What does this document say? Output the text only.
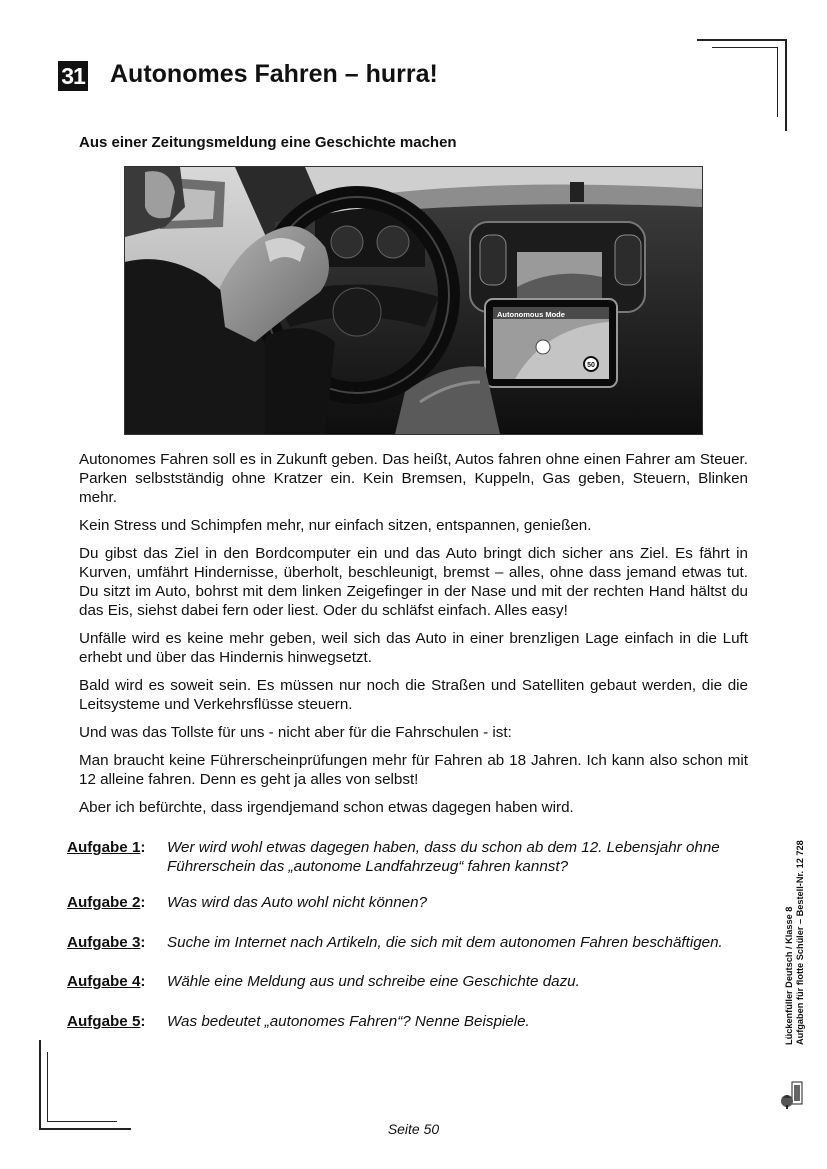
31 Autonomes Fahren – hurra!
Aus einer Zeitungsmeldung eine Geschichte machen
Autonomous Mode
50

Autonomes Fahren soll es in Zukunft geben. Das heißt, Autos fahren ohne einen Fahrer am Steuer. Parken selbstständig ohne Kratzer ein. Kein Bremsen, Kuppeln, Gas geben, Steuern, Blinken mehr.

Kein Stress und Schimpfen mehr, nur einfach sitzen, entspannen, genießen.

Du gibst das Ziel in den Bordcomputer ein und das Auto bringt dich sicher ans Ziel. Es fährt in Kurven, umfährt Hindernisse, überholt, beschleunigt, bremst – alles, ohne dass jemand etwas tut. Du sitzt im Auto, bohrst mit dem linken Zeigefinger in der Nase und mit der rechten Hand hältst du das Eis, siehst dabei fern oder liest. Oder du schläfst einfach. Alles easy!

Unfälle wird es keine mehr geben, weil sich das Auto in einer brenzligen Lage einfach in die Luft erhebt und über das Hindernis hinwegsetzt.

Bald wird es soweit sein. Es müssen nur noch die Straßen und Satelliten gebaut werden, die die Leitsysteme und Verkehrsflüsse steuern.

Und was das Tollste für uns - nicht aber für die Fahrschulen - ist:

Man braucht keine Führerscheinprüfungen mehr für Fahren ab 18 Jahren. Ich kann also schon mit 12 alleine fahren. Denn es geht ja alles von selbst!

Aber ich befürchte, dass irgendjemand schon etwas dagegen haben wird.

Aufgabe 1: Wer wird wohl etwas dagegen haben, dass du schon ab dem 12. Lebensjahr ohne Führerschein das „autonome Landfahrzeug“ fahren kannst?
Aufgabe 2: Was wird das Auto wohl nicht können?
Aufgabe 3: Suche im Internet nach Artikeln, die sich mit dem autonomen Fahren beschäftigen.
Aufgabe 4: Wähle eine Meldung aus und schreibe eine Geschichte dazu.
Aufgabe 5: Was bedeutet „autonomes Fahren“? Nenne Beispiele.	Lückenfüller Deutsch / Klasse 8 Aufgaben für flotte Schüler – Bestell-Nr. 12 728
Seite 50
